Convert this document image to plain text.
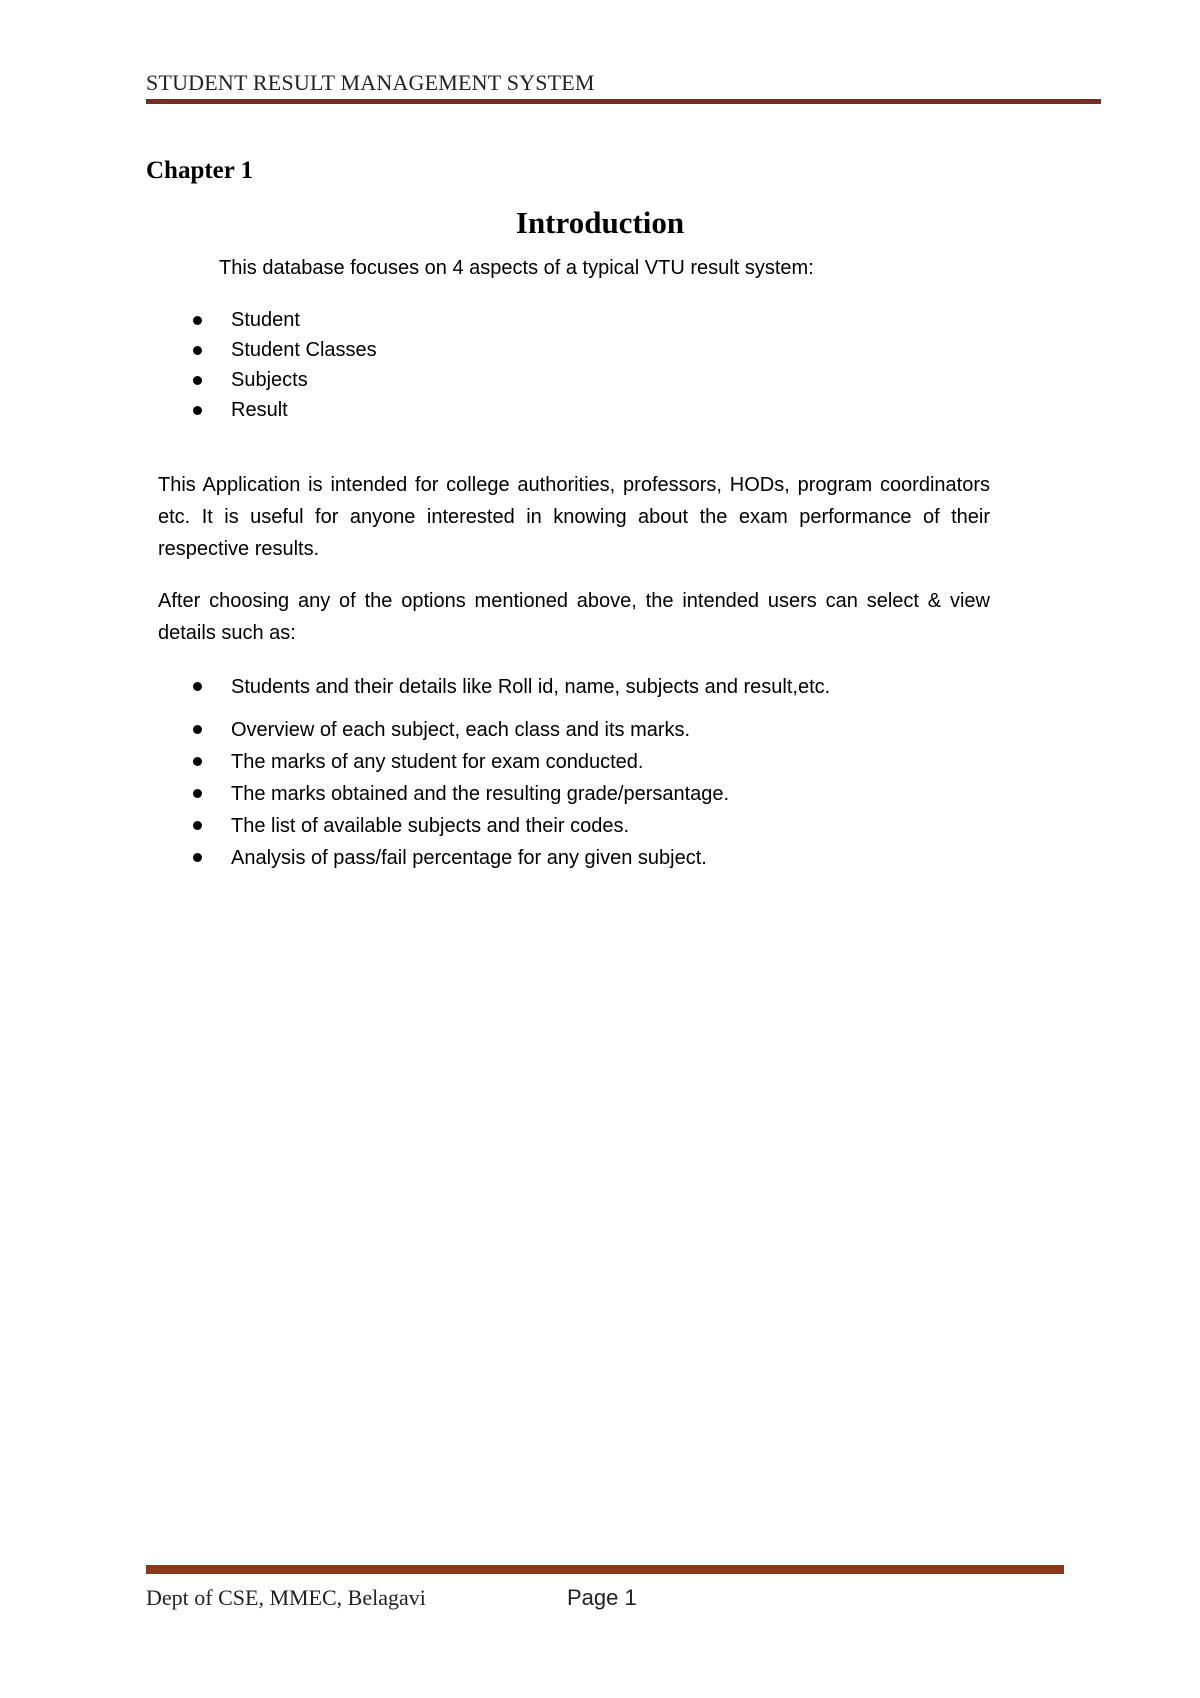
STUDENT RESULT MANAGEMENT SYSTEM
Chapter 1
Introduction
This database focuses on 4 aspects of a typical VTU result system:
Student
Student Classes
Subjects
Result
This Application is intended for college authorities, professors, HODs, program coordinators etc. It is useful for anyone interested in knowing about the exam performance of their respective results.
After choosing any of the options mentioned above, the intended users can select & view details such as:
Students and their details like Roll id, name, subjects and result,etc.
Overview of each subject, each class and its marks.
The marks of any student for exam conducted.
The marks obtained and the resulting grade/persantage.
The list of available subjects and their codes.
Analysis of pass/fail percentage for any given subject.
Dept of CSE, MMEC, Belagavi	Page 1
